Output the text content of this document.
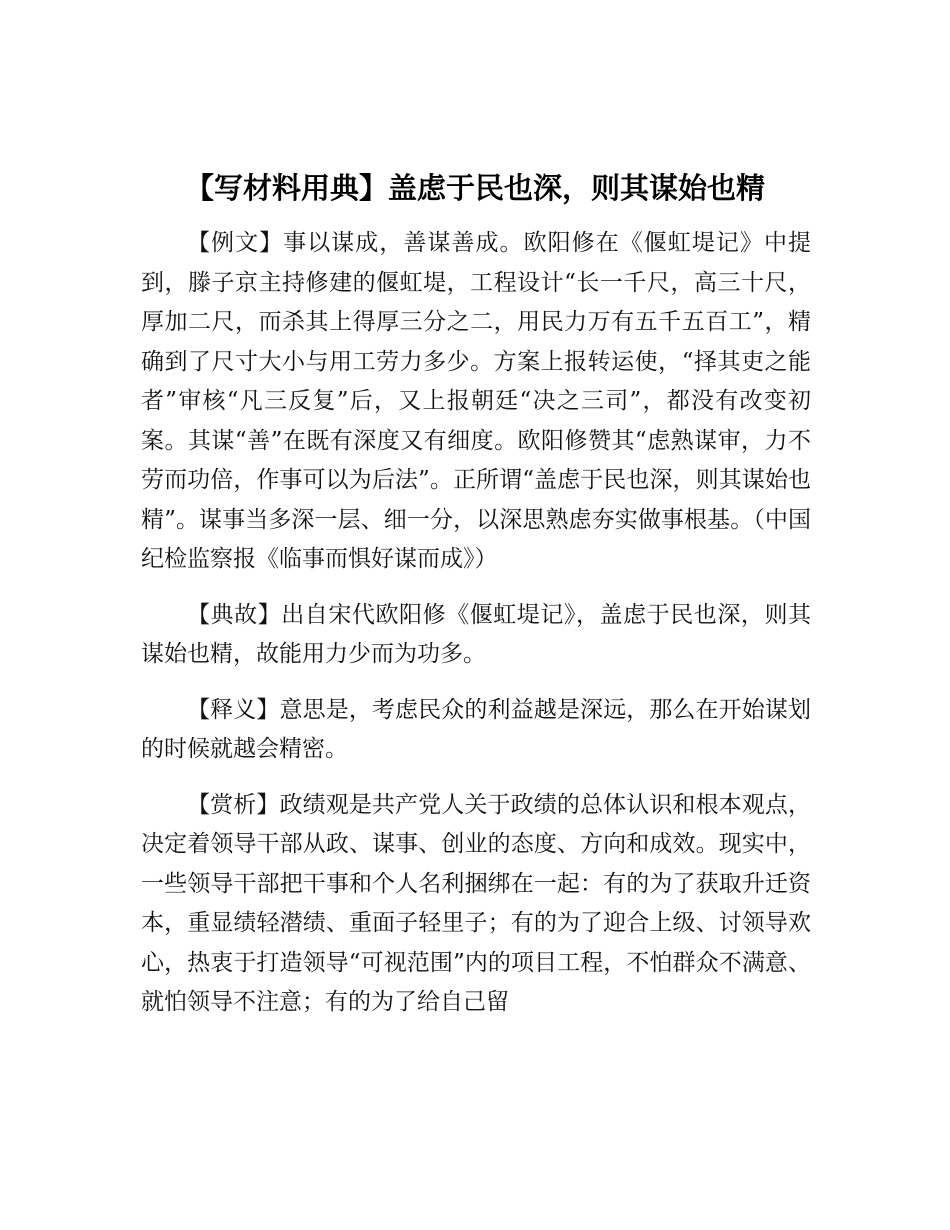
【写材料用典】盖虑于民也深，则其谋始也精

【例文】事以谋成，善谋善成。欧阳修在《偃虹堤记》中提到，滕子京主持修建的偃虹堤，工程设计“长一千尺，高三十尺，厚加二尺，而杀其上得厚三分之二，用民力万有五千五百工”，精确到了尺寸大小与用工劳力多少。方案上报转运使，“择其吏之能者”审核“凡三反复”后，又上报朝廷“决之三司”，都没有改变初案。其谋“善”在既有深度又有细度。欧阳修赞其“虑熟谋审，力不劳而功倍，作事可以为后法”。正所谓“盖虑于民也深，则其谋始也精”。谋事当多深一层、细一分，以深思熟虑夯实做事根基。（中国纪检监察报《临事而惧好谋而成》）

【典故】出自宋代欧阳修《偃虹堤记》，盖虑于民也深，则其谋始也精，故能用力少而为功多。

【释义】意思是，考虑民众的利益越是深远，那么在开始谋划的时候就越会精密。

【赏析】政绩观是共产党人关于政绩的总体认识和根本观点，决定着领导干部从政、谋事、创业的态度、方向和成效。现实中，一些领导干部把干事和个人名利捆绑在一起：有的为了获取升迁资本，重显绩轻潜绩、重面子轻里子；有的为了迎合上级、讨领导欢心，热衷于打造领导“可视范围”内的项目工程，不怕群众不满意、就怕领导不注意；有的为了给自己留
